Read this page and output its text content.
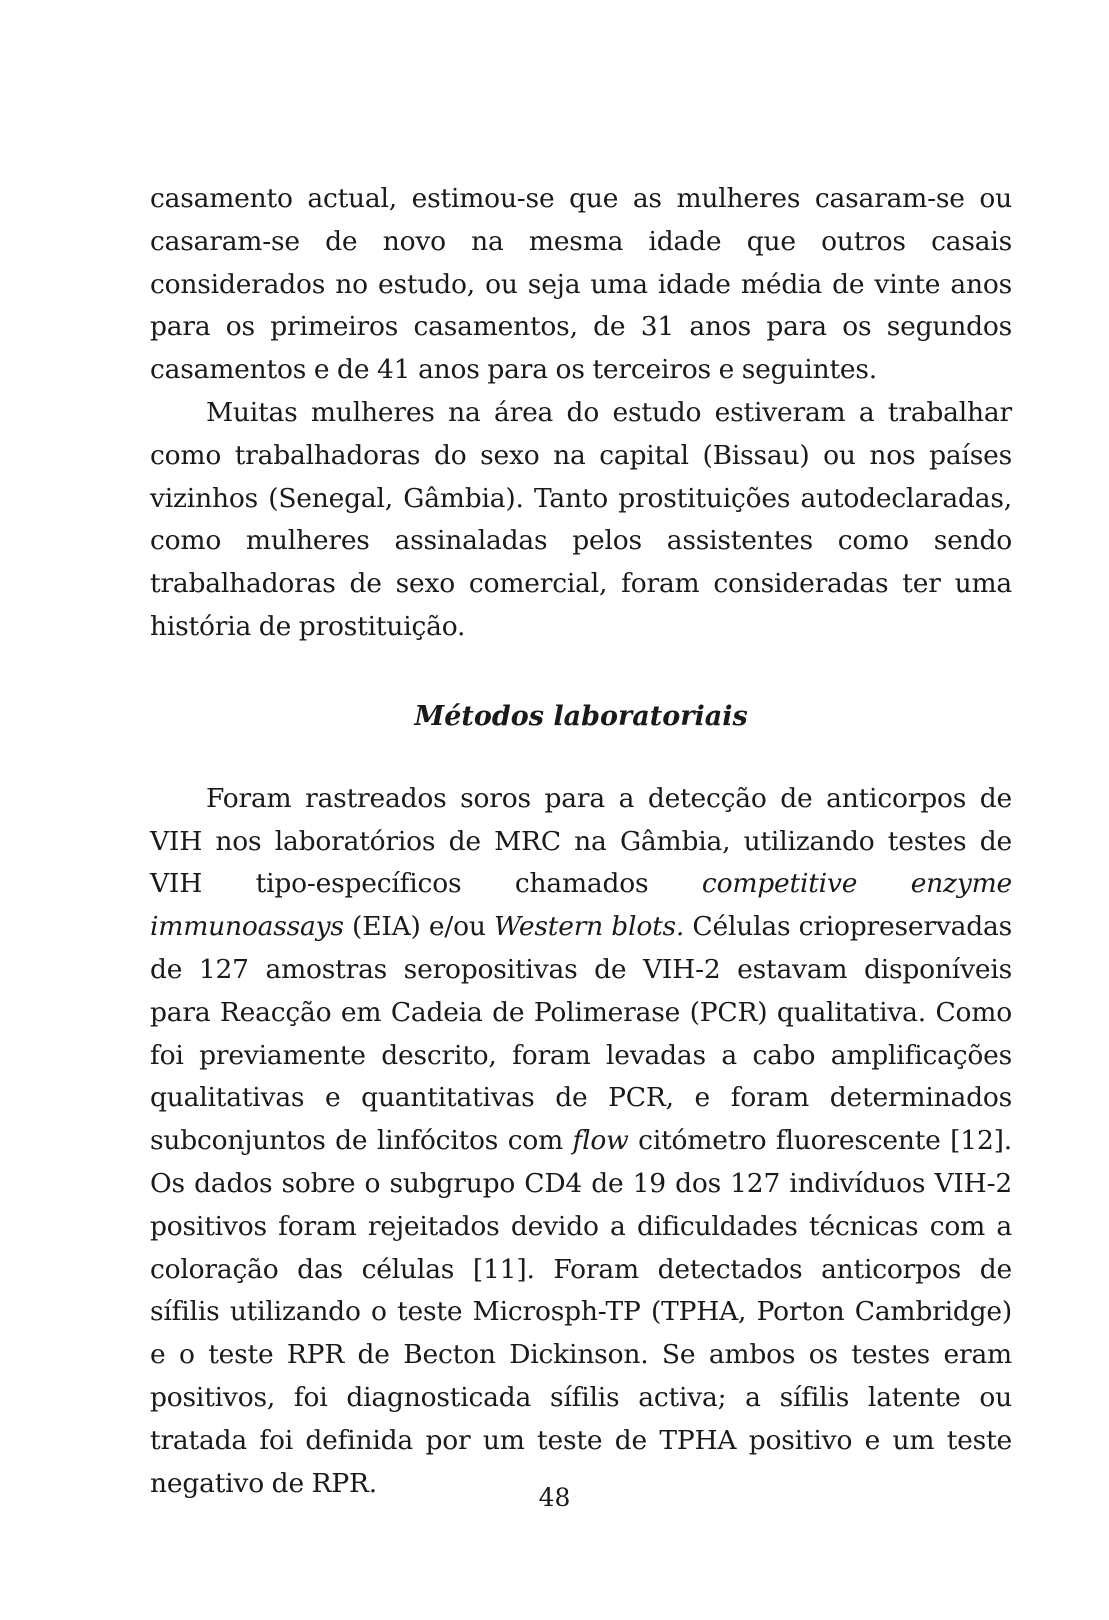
casamento actual, estimou-se que as mulheres casaram-se ou casaram-se de novo na mesma idade que outros casais considerados no estudo, ou seja uma idade média de vinte anos para os primeiros casamentos, de 31 anos para os segundos casamentos e de 41 anos para os terceiros e seguintes.

Muitas mulheres na área do estudo estiveram a trabalhar como trabalhadoras do sexo na capital (Bissau) ou nos países vizinhos (Senegal, Gâmbia). Tanto prostituições autodeclaradas, como mulheres assinaladas pelos assistentes como sendo trabalhadoras de sexo comercial, foram consideradas ter uma história de prostituição.

Métodos laboratoriais

Foram rastreados soros para a detecção de anticorpos de VIH nos laboratórios de MRC na Gâmbia, utilizando testes de VIH tipo-específicos chamados competitive enzyme immunoassays (EIA) e/ou Western blots. Células criopreservadas de 127 amostras seropositivas de VIH-2 estavam disponíveis para Reacção em Cadeia de Polimerase (PCR) qualitativa. Como foi previamente descrito, foram levadas a cabo amplificações qualitativas e quantitativas de PCR, e foram determinados subconjuntos de linfócitos com flow citómetro fluorescente [12]. Os dados sobre o subgrupo CD4 de 19 dos 127 indivíduos VIH-2 positivos foram rejeitados devido a dificuldades técnicas com a coloração das células [11]. Foram detectados anticorpos de sífilis utilizando o teste Microsph-TP (TPHA, Porton Cambridge) e o teste RPR de Becton Dickinson. Se ambos os testes eram positivos, foi diagnosticada sífilis activa; a sífilis latente ou tratada foi definida por um teste de TPHA positivo e um teste negativo de RPR.	48
